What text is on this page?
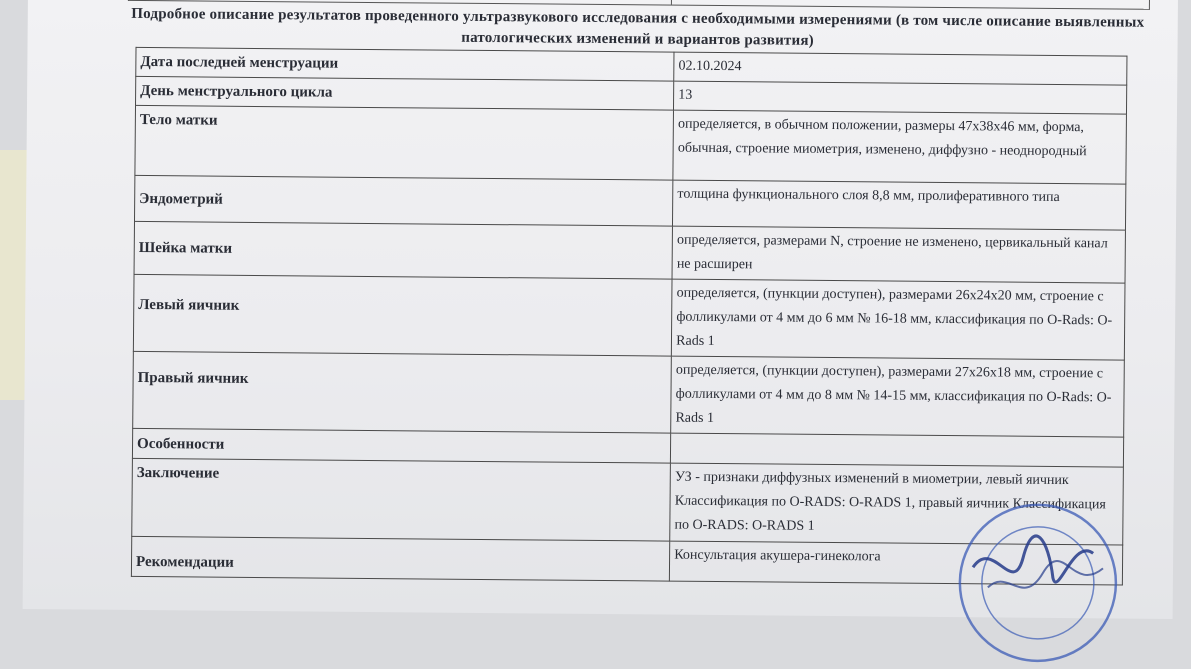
Подробное описание результатов проведенного ультразвукового исследования с необходимыми измерениями (в том числе описание выявленных патологических изменений и вариантов развития)
Дата последней менструации	02.10.2024
День менструального цикла	13
Тело матки	определяется, в обычном положении, размеры 47х38х46 мм, форма, обычная, строение миометрия, изменено, диффузно - неоднородный
Эндометрий	толщина функционального слоя 8,8 мм, пролиферативного типа
Шейка матки	определяется, размерами N, строение не изменено, цервикальный канал не расширен
Левый яичник	определяется, (пункции доступен), размерами 26х24х20 мм, строение с фолликулами от 4 мм до 6 мм № 16-18 мм, классификация по O-Rads: O-Rads 1
Правый яичник	определяется, (пункции доступен), размерами 27х26х18 мм, строение с фолликулами от 4 мм до 8 мм № 14-15 мм, классификация по O-Rads: O-Rads 1
Особенности	
Заключение	УЗ - признаки диффузных изменений в миометрии, левый яичник Классификация по O-RADS: O-RADS 1, правый яичник Классификация по O-RADS: O-RADS 1
Рекомендации	Консультация акушера-гинеколога
